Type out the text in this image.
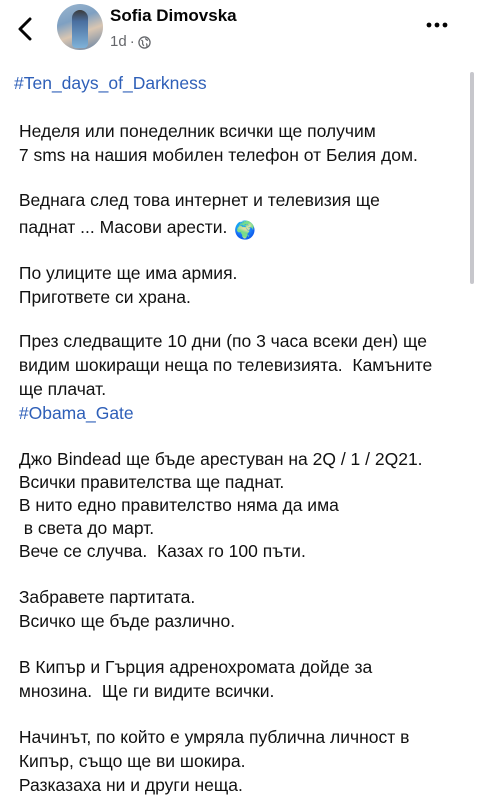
Sofia Dimovska
1d ·
#Ten_days_of_Darkness
Неделя или понеделник всички ще получим
7 sms на нашия мобилен телефон от Белия дом.
Веднага след това интернет и телевизия ще
паднат ... Масови арести. 🌍
По улиците ще има армия.
Пригответе си храна.
През следващите 10 дни (по 3 часа всеки ден) ще
видим шокиращи неща по телевизията.  Камъните
ще плачат.
#Obama_Gate
Джо Bindead ще бъде арестуван на 2Q / 1 / 2Q21.
Всички правителства ще паднат.
В нито едно правителство няма да има
в света до март.
Вече се случва.  Казах го 100 пъти.
Забравете партитата.
Всичко ще бъде различно.
В Кипър и Гърция адренохромата дойде за
мнозина.  Ще ги видите всички.
Начинът, по който е умряла публична личност в
Кипър, също ще ви шокира.
Разказаха ни и други неща.
